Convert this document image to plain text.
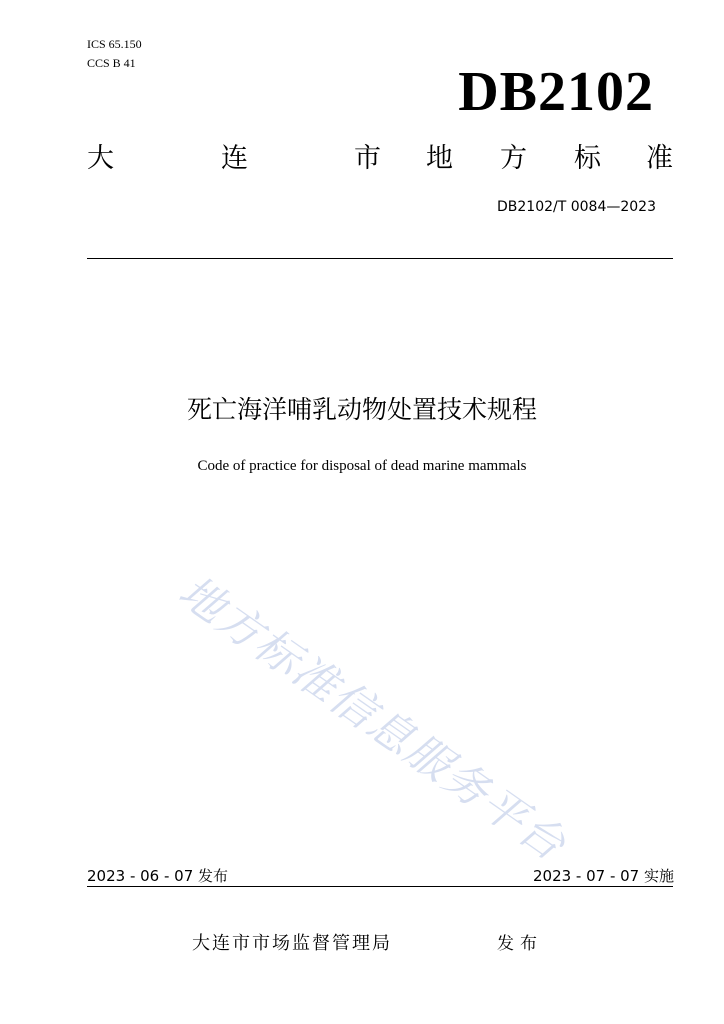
ICS 65.150
CCS B 41	DB2102
大	连	市 地 方 标 准
DB2102/T 0084—2023
死亡海洋哺乳动物处置技术规程
Code of practice for disposal of dead marine mammals
地方标准信息服务平台
2023 - 06 - 07 发布	2023 - 07 - 07 实施
大连市市场监督管理局	发布
